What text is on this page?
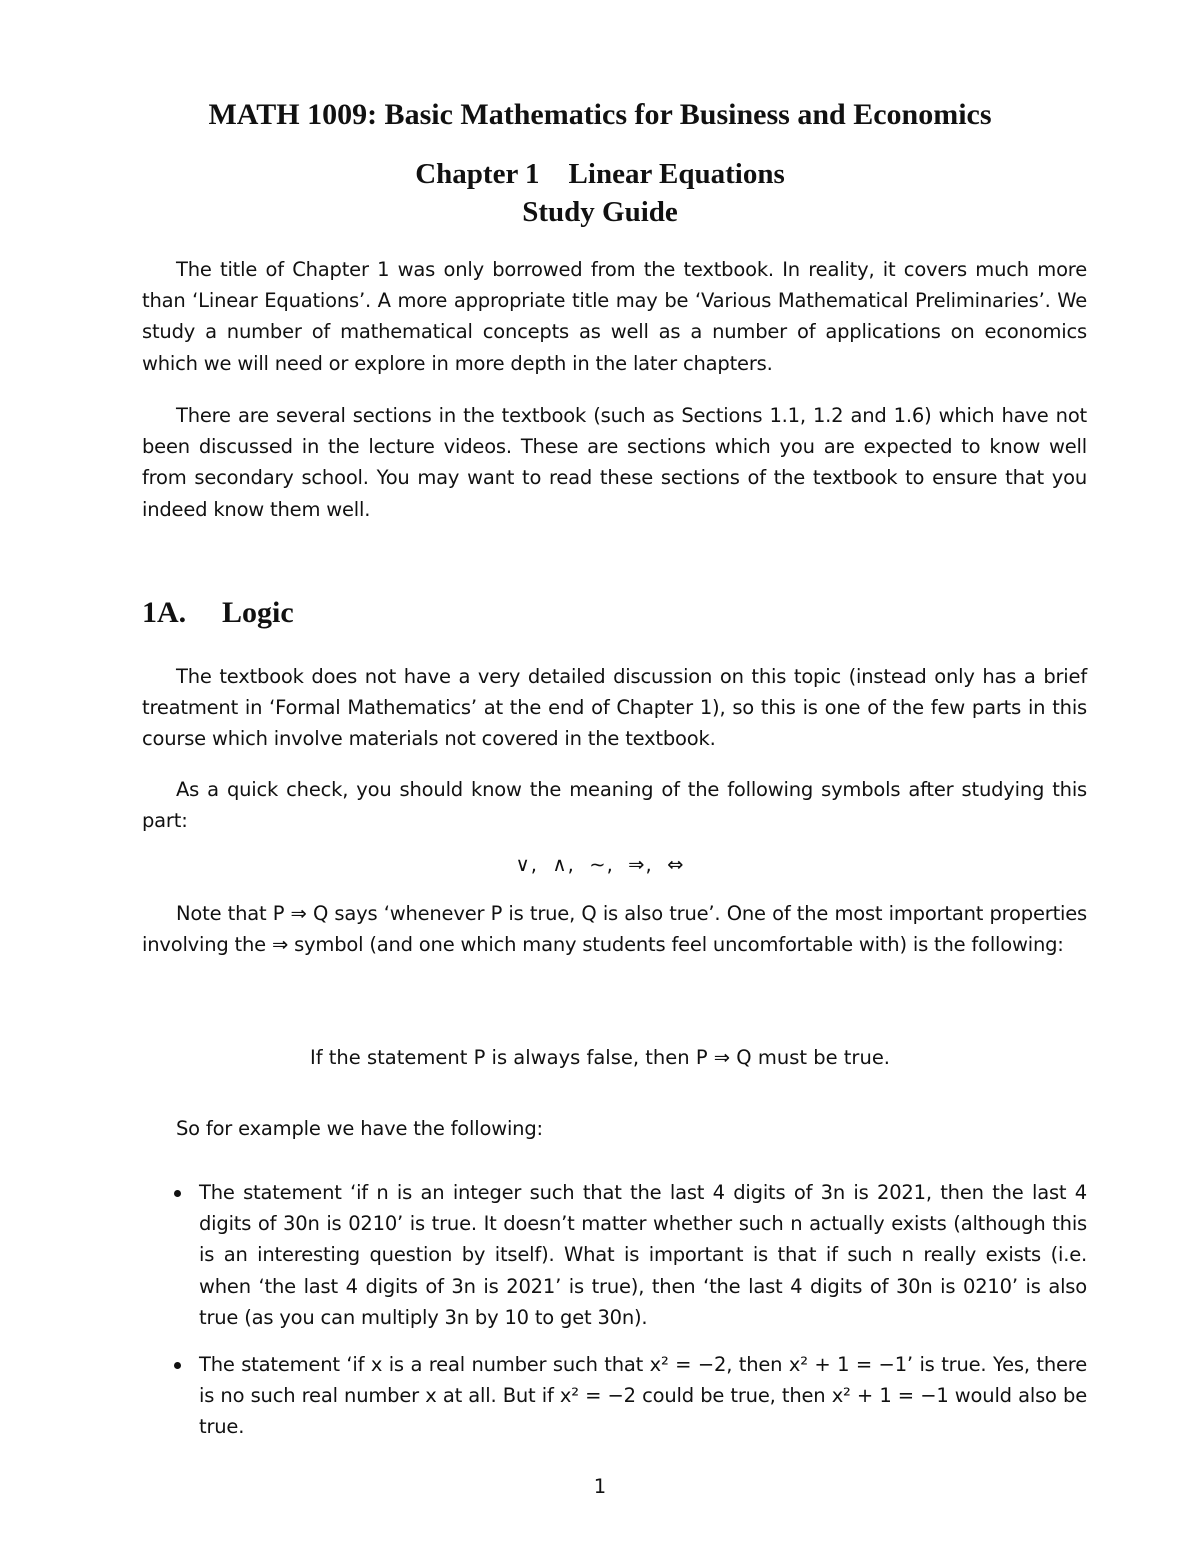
MATH 1009: Basic Mathematics for Business and Economics
Chapter 1    Linear Equations
Study Guide

The title of Chapter 1 was only borrowed from the textbook. In reality, it covers much more than ‘Linear Equations’. A more appropriate title may be ‘Various Mathematical Preliminaries’. We study a number of mathematical concepts as well as a number of applications on economics which we will need or explore in more depth in the later chapters.

There are several sections in the textbook (such as Sections 1.1, 1.2 and 1.6) which have not been discussed in the lecture videos. These are sections which you are expected to know well from secondary school. You may want to read these sections of the textbook to ensure that you indeed know them well.

1A. Logic

The textbook does not have a very detailed discussion on this topic (instead only has a brief treatment in ‘Formal Mathematics’ at the end of Chapter 1), so this is one of the few parts in this course which involve materials not covered in the textbook.

As a quick check, you should know the meaning of the following symbols after studying this part:

∨,  ∧,  ∼,  ⇒,  ⇔

Note that P ⇒ Q says ‘whenever P is true, Q is also true’. One of the most important properties involving the ⇒ symbol (and one which many students feel uncomfortable with) is the following:

If the statement P is always false, then P ⇒ Q must be true.

So for example we have the following:

The statement ‘if n is an integer such that the last 4 digits of 3n is 2021, then the last 4 digits of 30n is 0210’ is true. It doesn’t matter whether such n actually exists (although this is an interesting question by itself). What is important is that if such n really exists (i.e. when ‘the last 4 digits of 3n is 2021’ is true), then ‘the last 4 digits of 30n is 0210’ is also true (as you can multiply 3n by 10 to get 30n).
The statement ‘if x is a real number such that x² = −2, then x² + 1 = −1’ is true. Yes, there is no such real number x at all. But if x² = −2 could be true, then x² + 1 = −1 would also be true.
1
